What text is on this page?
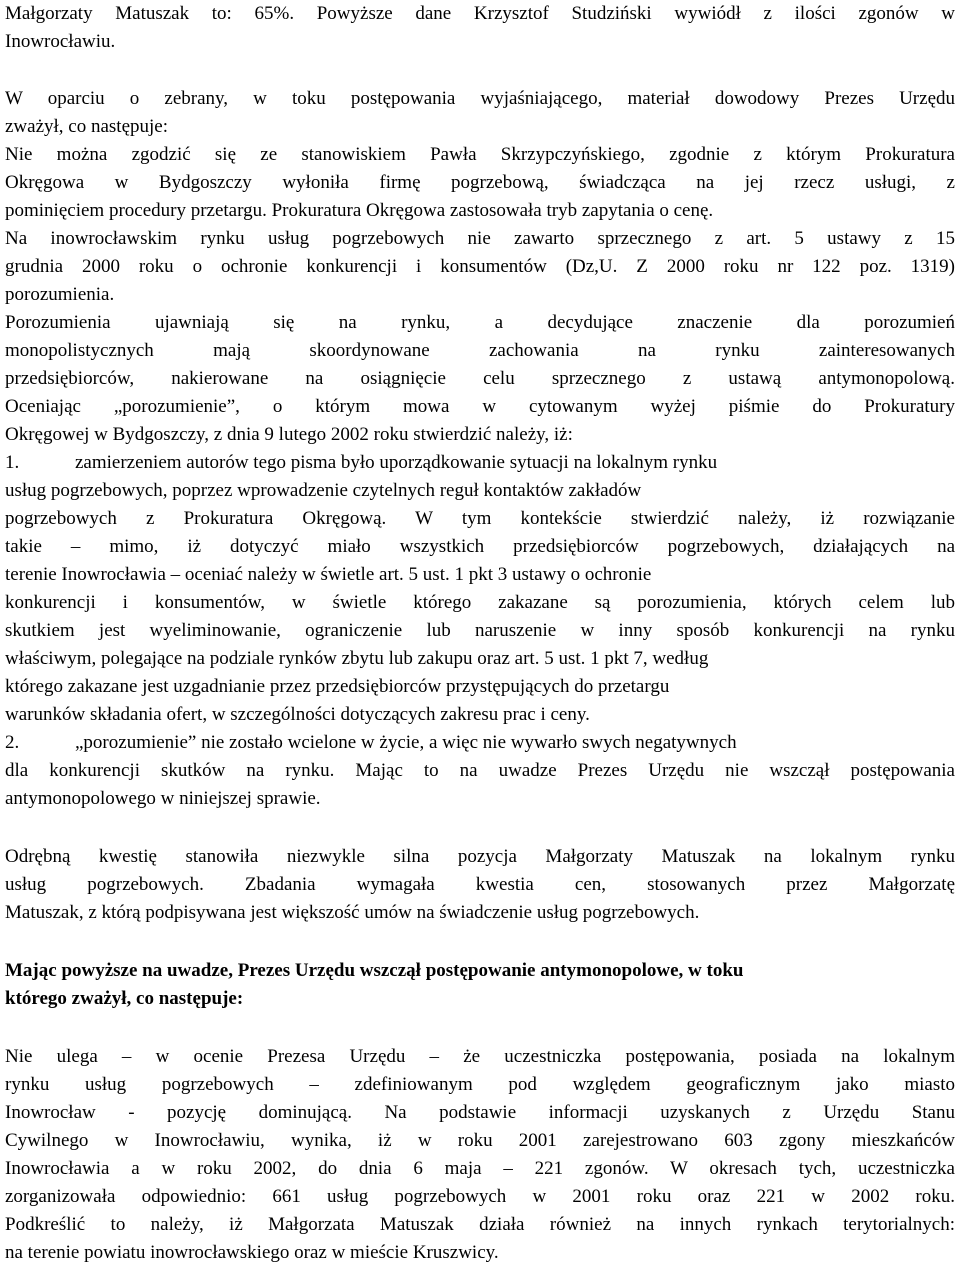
Małgorzaty Matuszak to: 65%. Powyższe dane Krzysztof Studziński wywiódł z ilości zgonów w
Inowrocławiu.
W oparciu o zebrany, w toku postępowania wyjaśniającego, materiał dowodowy Prezes Urzędu
zważył, co następuje:
Nie można zgodzić się ze stanowiskiem Pawła Skrzypczyńskiego, zgodnie z którym Prokuratura
Okręgowa w Bydgoszczy wyłoniła firmę pogrzebową, świadcząca na jej rzecz usługi, z
pominięciem procedury przetargu. Prokuratura Okręgowa zastosowała tryb zapytania o cenę.
Na inowrocławskim rynku usług pogrzebowych nie zawarto sprzecznego z art. 5 ustawy z 15
grudnia 2000 roku o ochronie konkurencji i konsumentów (Dz,U. Z 2000 roku nr 122 poz. 1319)
porozumienia.
Porozumienia ujawniają się na rynku, a decydujące znaczenie dla porozumień
monopolistycznych mają skoordynowane zachowania na rynku zainteresowanych
przedsiębiorców, nakierowane na osiągnięcie celu sprzecznego z ustawą antymonopolową.
Oceniając „porozumienie”, o którym mowa w cytowanym wyżej piśmie do Prokuratury
Okręgowej w Bydgoszczy, z dnia 9 lutego 2002 roku stwierdzić należy, iż:
1.	zamierzeniem autorów tego pisma było uporządkowanie sytuacji na lokalnym rynku
usług pogrzebowych, poprzez wprowadzenie czytelnych reguł kontaktów zakładów
pogrzebowych z Prokuratura Okręgową. W tym kontekście stwierdzić należy, iż rozwiązanie
takie – mimo, iż dotyczyć miało wszystkich przedsiębiorców pogrzebowych, działających na
terenie Inowrocławia – oceniać należy w świetle art. 5 ust. 1 pkt 3 ustawy o ochronie
konkurencji i konsumentów, w świetle którego zakazane są porozumienia, których celem lub
skutkiem jest wyeliminowanie, ograniczenie lub naruszenie w inny sposób konkurencji na rynku
właściwym, polegające na podziale rynków zbytu lub zakupu oraz art. 5 ust. 1 pkt 7, według
którego zakazane jest uzgadnianie przez przedsiębiorców przystępujących do przetargu
warunków składania ofert, w szczególności dotyczących zakresu prac i ceny.
2.	„porozumienie” nie zostało wcielone w życie, a więc nie wywarło swych negatywnych
dla konkurencji skutków na rynku. Mając to na uwadze Prezes Urzędu nie wszczął postępowania
antymonopolowego w niniejszej sprawie.
Odrębną kwestię stanowiła niezwykle silna pozycja Małgorzaty Matuszak na lokalnym rynku
usług pogrzebowych. Zbadania wymagała kwestia cen, stosowanych przez Małgorzatę
Matuszak, z którą podpisywana jest większość umów na świadczenie usług pogrzebowych.
Mając powyższe na uwadze, Prezes Urzędu wszczął postępowanie antymonopolowe, w toku
którego zważył, co następuje:
Nie ulega – w ocenie Prezesa Urzędu – że uczestniczka postępowania, posiada na lokalnym
rynku usług pogrzebowych – zdefiniowanym pod względem geograficznym jako miasto
Inowrocław - pozycję dominującą. Na podstawie informacji uzyskanych z Urzędu Stanu
Cywilnego w Inowrocławiu, wynika, iż w roku 2001 zarejestrowano 603 zgony mieszkańców
Inowrocławia a w roku 2002, do dnia 6 maja – 221 zgonów. W okresach tych, uczestniczka
zorganizowała odpowiednio: 661 usług pogrzebowych w 2001 roku oraz 221 w 2002 roku.
Podkreślić to należy, iż Małgorzata Matuszak działa również na innych rynkach terytorialnych:
na terenie powiatu inowrocławskiego oraz w mieście Kruszwicy.
